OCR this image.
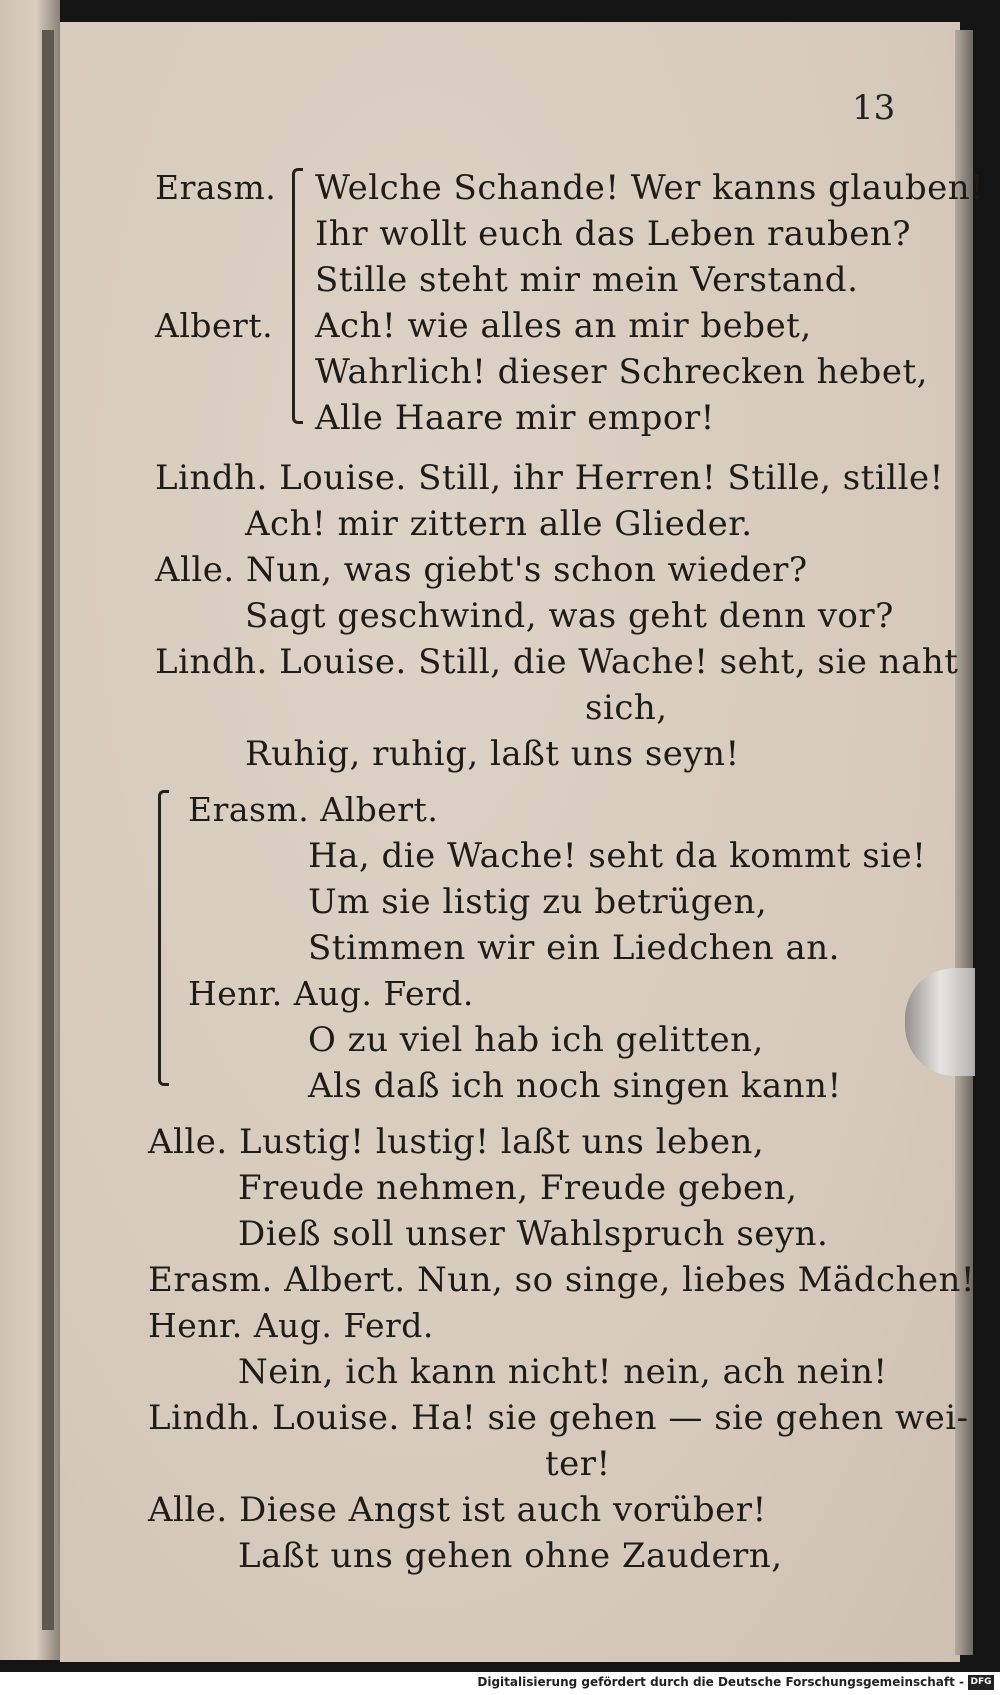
13
Erasm. Welche Schande! Wer kanns glauben!
Ihr wollt euch das Leben rauben?
Stille steht mir mein Verstand.
Albert. Ach! wie alles an mir bebet,
Wahrlich! dieser Schrecken hebet,
Alle Haare mir empor!
Lindh. Louise. Still, ihr Herren! Stille, stille!
Ach! mir zittern alle Glieder.
Alle. Nun, was giebt's schon wieder?
Sagt geschwind, was geht denn vor?
Lindh. Louise. Still, die Wache! seht, sie naht
sich,
Ruhig, ruhig, laßt uns seyn!
Erasm. Albert.
Ha, die Wache! seht da kommt sie!
Um sie listig zu betrügen,
Stimmen wir ein Liedchen an.
Henr. Aug. Ferd.
O zu viel hab ich gelitten,
Als daß ich noch singen kann!
Alle. Lustig! lustig! laßt uns leben,
Freude nehmen, Freude geben,
Dieß soll unser Wahlspruch seyn.
Erasm. Albert. Nun, so singe, liebes Mädchen!
Henr. Aug. Ferd.
Nein, ich kann nicht! nein, ach nein!
Lindh. Louise. Ha! sie gehen — sie gehen wei-
ter!
Alle. Diese Angst ist auch vorüber!
Laßt uns gehen ohne Zaudern,
Digitalisierung gefördert durch die Deutsche Forschungsgemeinschaft - DFG
